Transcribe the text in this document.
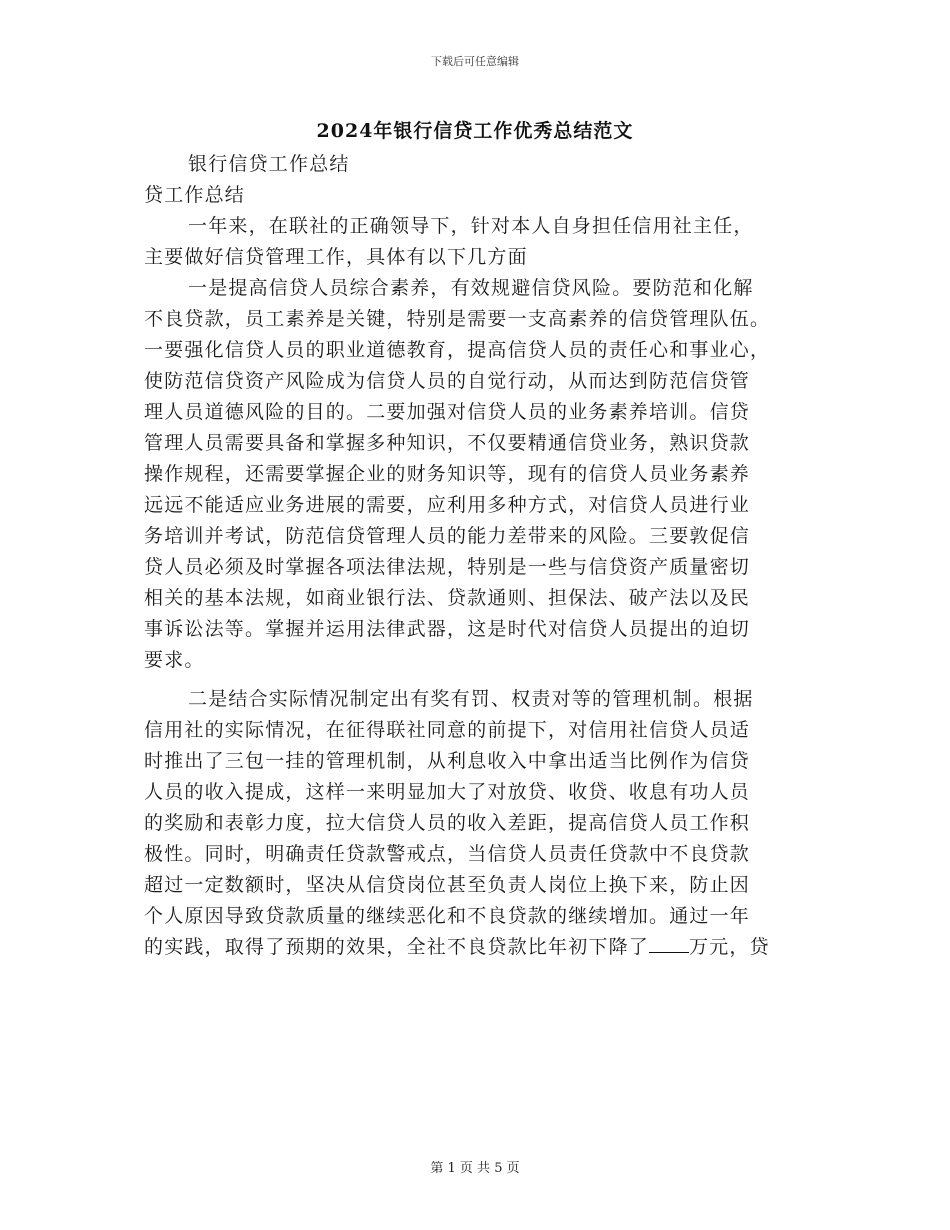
下载后可任意编辑
2024年银行信贷工作优秀总结范文
银行信贷工作总结
贷工作总结
一年来，在联社的正确领导下，针对本人自身担任信用社主任，
主要做好信贷管理工作，具体有以下几方面
一是提高信贷人员综合素养，有效规避信贷风险。要防范和化解
不良贷款，员工素养是关键，特别是需要一支高素养的信贷管理队伍。
一要强化信贷人员的职业道德教育，提高信贷人员的责任心和事业心，
使防范信贷资产风险成为信贷人员的自觉行动，从而达到防范信贷管
理人员道德风险的目的。二要加强对信贷人员的业务素养培训。信贷
管理人员需要具备和掌握多种知识，不仅要精通信贷业务，熟识贷款
操作规程，还需要掌握企业的财务知识等，现有的信贷人员业务素养
远远不能适应业务进展的需要，应利用多种方式，对信贷人员进行业
务培训并考试，防范信贷管理人员的能力差带来的风险。三要敦促信
贷人员必须及时掌握各项法律法规，特别是一些与信贷资产质量密切
相关的基本法规，如商业银行法、贷款通则、担保法、破产法以及民
事诉讼法等。掌握并运用法律武器，这是时代对信贷人员提出的迫切
要求。
二是结合实际情况制定出有奖有罚、权责对等的管理机制。根据
信用社的实际情况，在征得联社同意的前提下，对信用社信贷人员适
时推出了三包一挂的管理机制，从利息收入中拿出适当比例作为信贷
人员的收入提成，这样一来明显加大了对放贷、收贷、收息有功人员
的奖励和表彰力度，拉大信贷人员的收入差距，提高信贷人员工作积
极性。同时，明确责任贷款警戒点，当信贷人员责任贷款中不良贷款
超过一定数额时，坚决从信贷岗位甚至负责人岗位上换下来，防止因
个人原因导致贷款质量的继续恶化和不良贷款的继续增加。通过一年
的实践，取得了预期的效果，全社不良贷款比年初下降了 万元，贷
第 1 页 共 5 页
